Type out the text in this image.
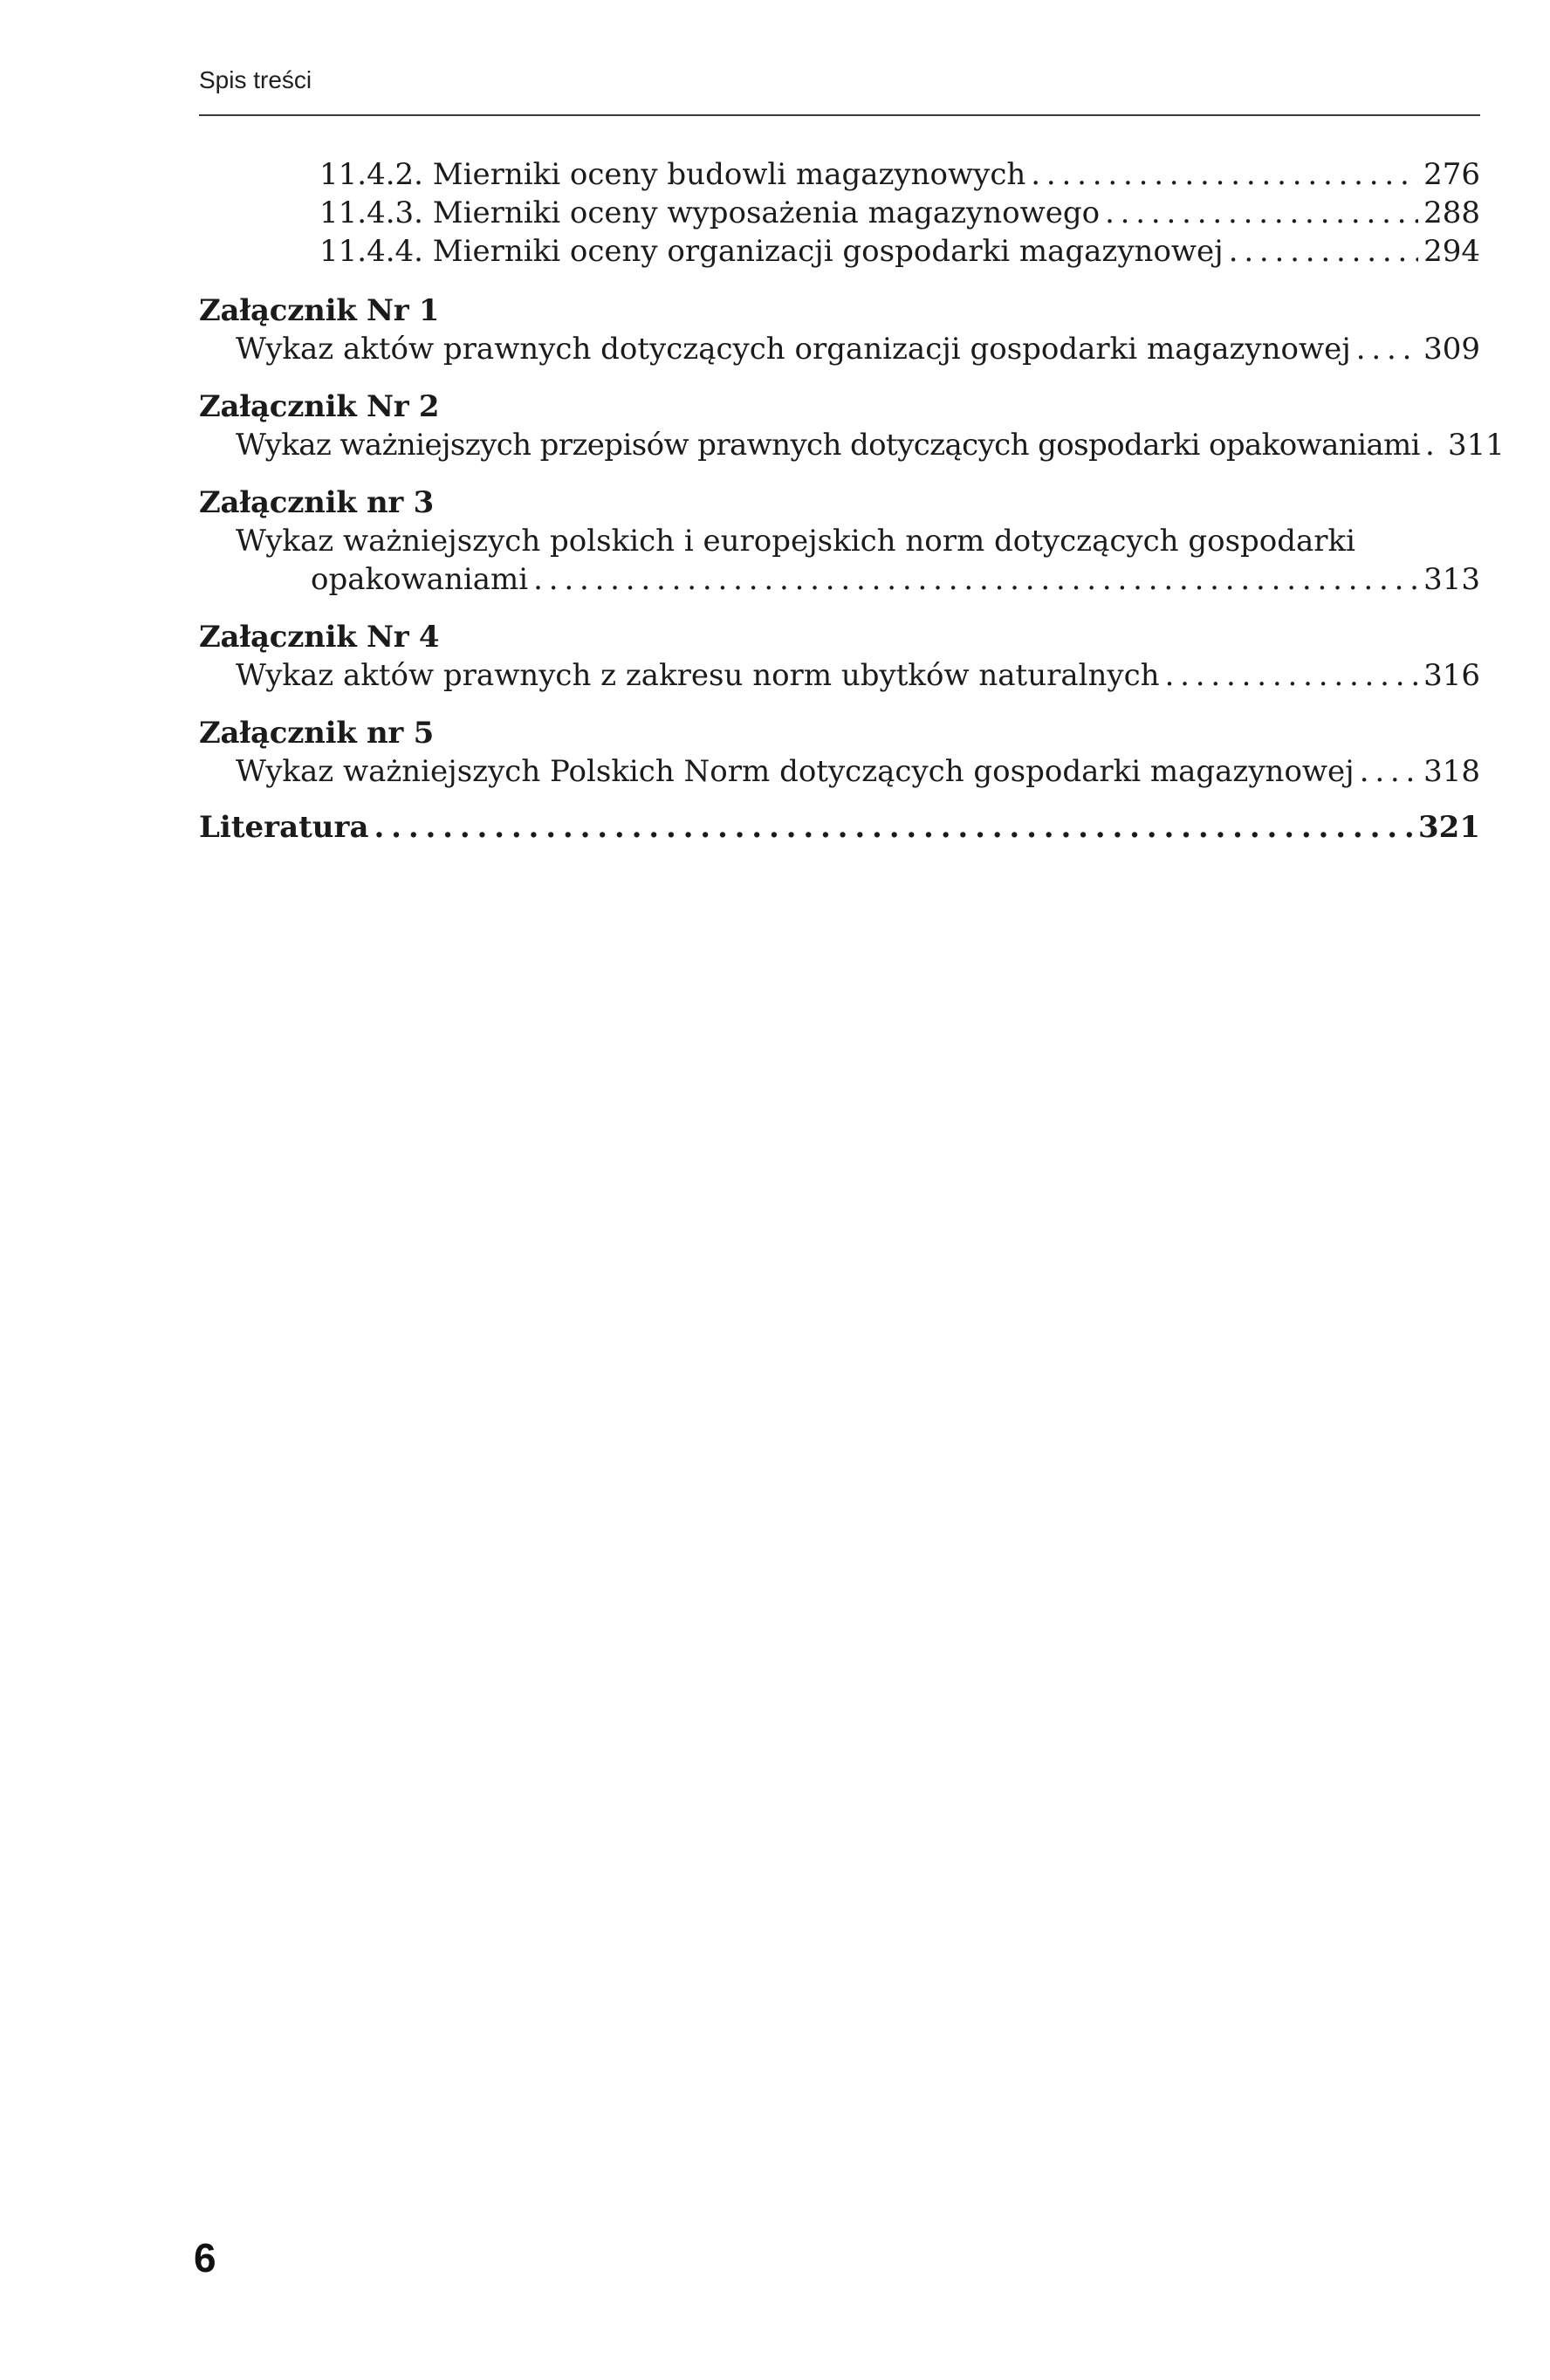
Spis treści
11.4.2. Mierniki oceny budowli magazynowych . . .	276
11.4.3. Mierniki oceny wyposażenia magazynowego . . .	288
11.4.4. Mierniki oceny organizacji gospodarki magazynowej . . .	294
Załącznik Nr 1
Wykaz aktów prawnych dotyczących organizacji gospodarki magazynowej . . . 309
Załącznik Nr 2
Wykaz ważniejszych przepisów prawnych dotyczących gospodarki opakowaniami . . . 311
Załącznik nr 3
Wykaz ważniejszych polskich i europejskich norm dotyczących gospodarki
opakowaniami . . .	313
Załącznik Nr 4
Wykaz aktów prawnych z zakresu norm ubytków naturalnych . . .	316
Załącznik nr 5
Wykaz ważniejszych Polskich Norm dotyczących gospodarki magazynowej . . . 318
Literatura . . .	321
6
